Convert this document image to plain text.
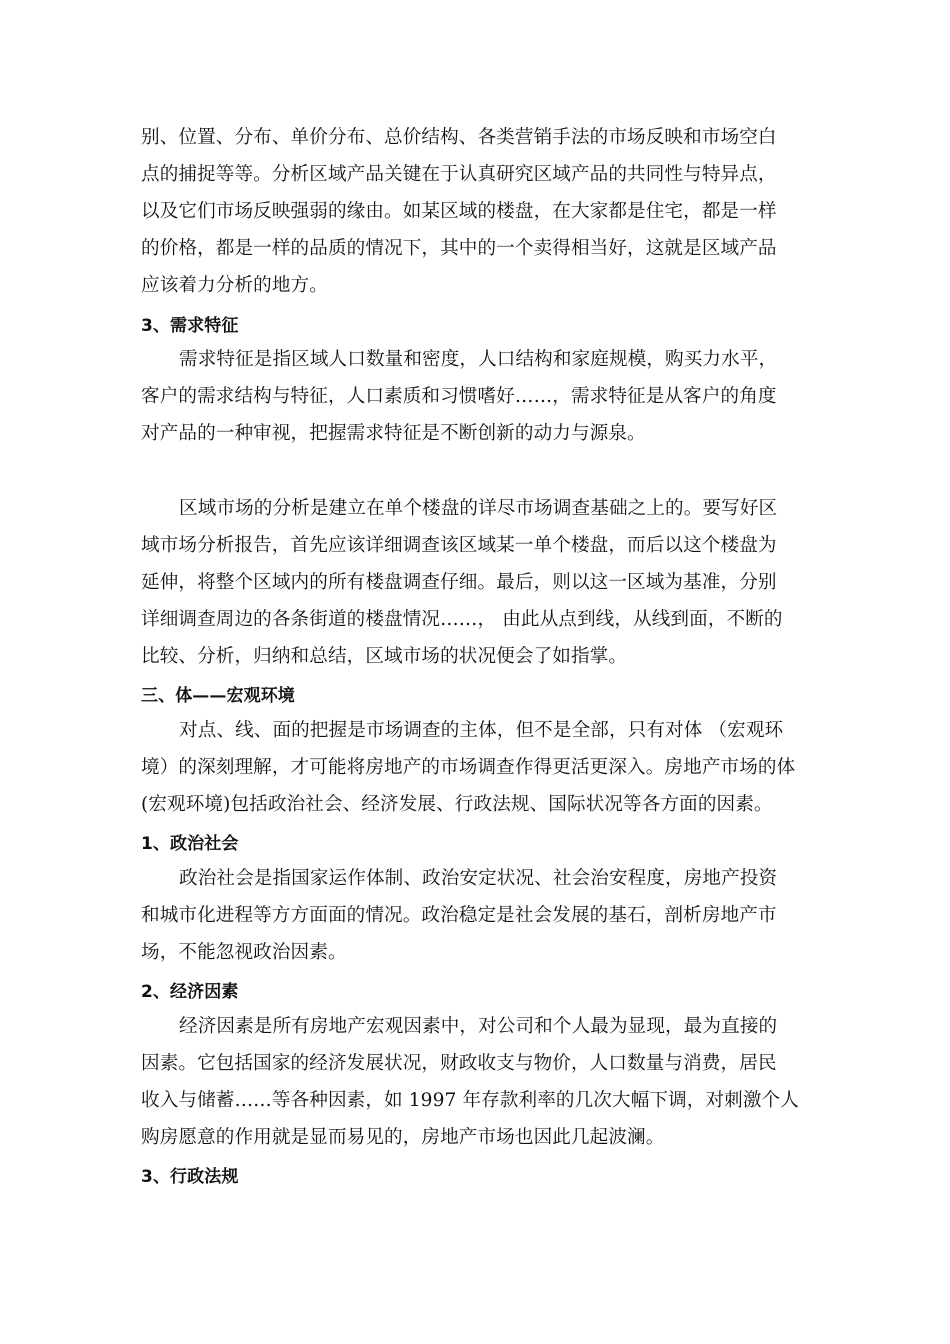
别、位置、分布、单价分布、总价结构、各类营销手法的市场反映和市场空白
点的捕捉等等。分析区域产品关键在于认真研究区域产品的共同性与特异点，
以及它们市场反映强弱的缘由。如某区域的楼盘，在大家都是住宅，都是一样
的价格，都是一样的品质的情况下，其中的一个卖得相当好，这就是区域产品
应该着力分析的地方。
3、需求特征
需求特征是指区域人口数量和密度，人口结构和家庭规模，购买力水平，
客户的需求结构与特征，人口素质和习惯嗜好……，需求特征是从客户的角度
对产品的一种审视，把握需求特征是不断创新的动力与源泉。
区域市场的分析是建立在单个楼盘的详尽市场调查基础之上的。要写好区
域市场分析报告，首先应该详细调查该区域某一单个楼盘，而后以这个楼盘为
延伸，将整个区域内的所有楼盘调查仔细。最后，则以这一区域为基准，分别
详细调查周边的各条街道的楼盘情况……， 由此从点到线，从线到面，不断的
比较、分析，归纳和总结，区域市场的状况便会了如指掌。
三、体——宏观环境
对点、线、面的把握是市场调查的主体，但不是全部，只有对体 （宏观环
境）的深刻理解，才可能将房地产的市场调查作得更活更深入。房地产市场的体
(宏观环境)包括政治社会、经济发展、行政法规、国际状况等各方面的因素。
1、政治社会
政治社会是指国家运作体制、政治安定状况、社会治安程度，房地产投资
和城市化进程等方方面面的情况。政治稳定是社会发展的基石，剖析房地产市
场，不能忽视政治因素。
2、经济因素
经济因素是所有房地产宏观因素中，对公司和个人最为显现，最为直接的
因素。它包括国家的经济发展状况，财政收支与物价，人口数量与消费，居民
收入与储蓄……等各种因素，如 1997 年存款利率的几次大幅下调，对刺激个人
购房愿意的作用就是显而易见的，房地产市场也因此几起波澜。
3、行政法规
